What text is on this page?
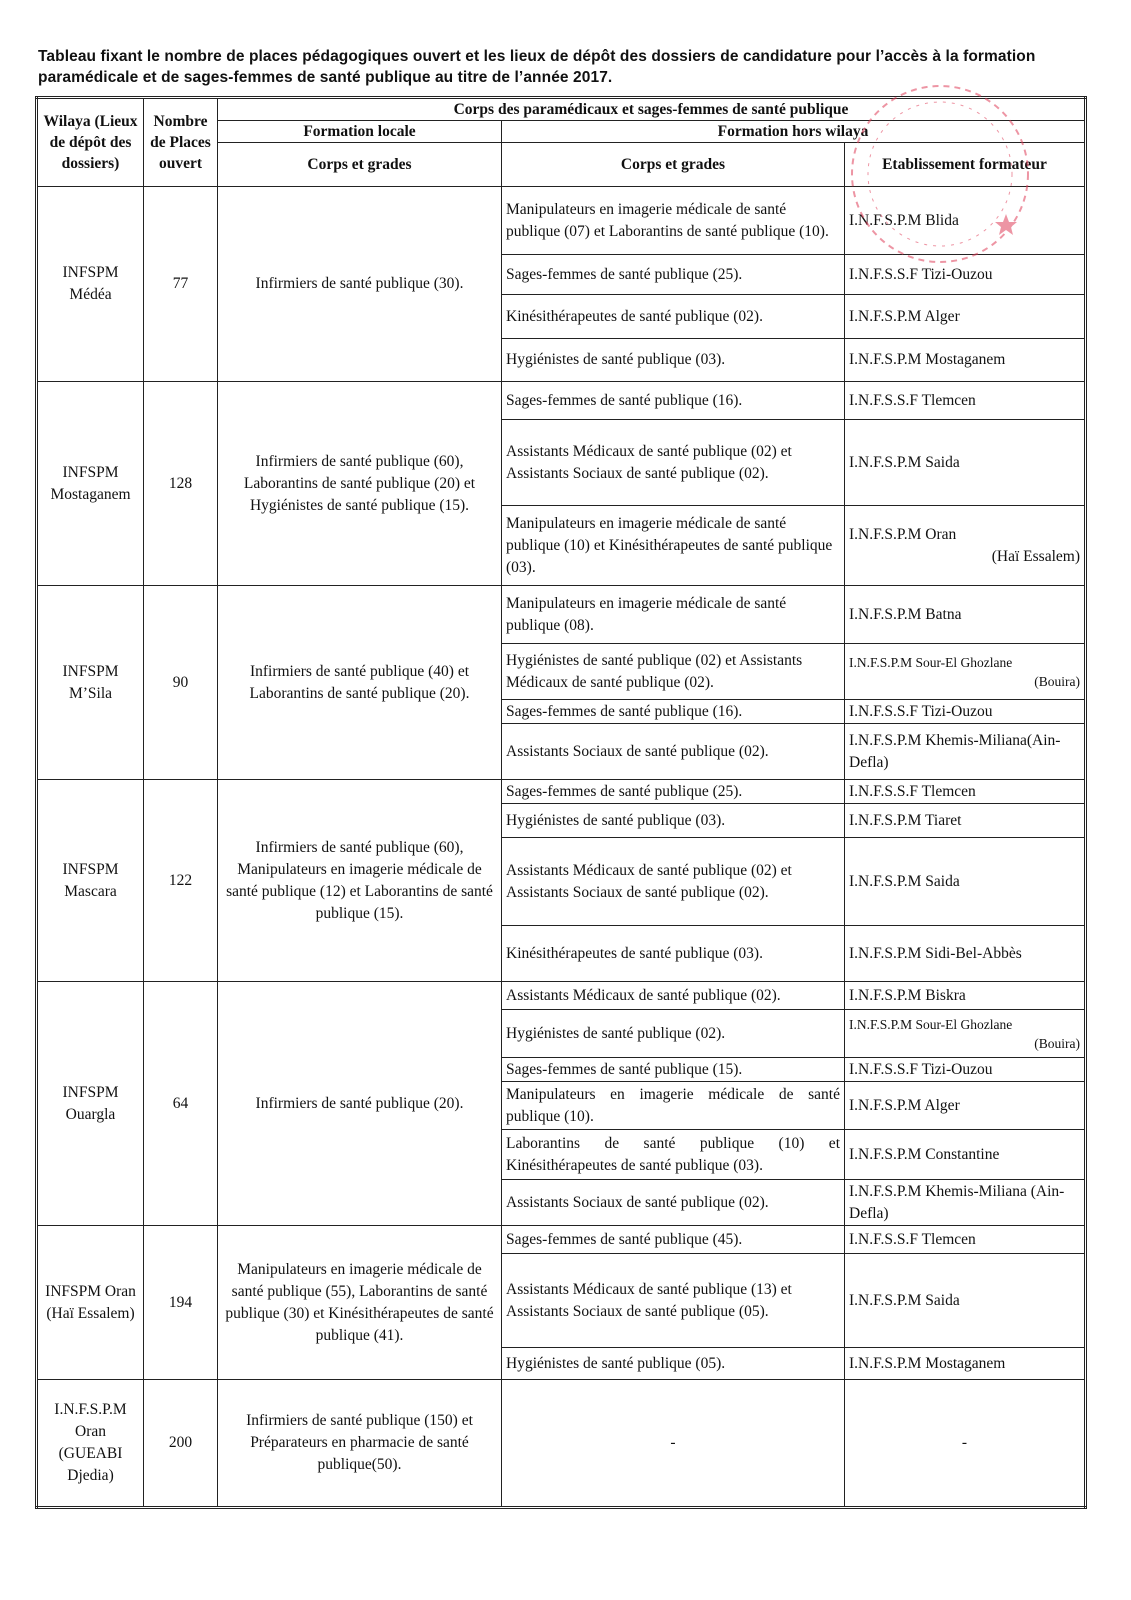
Tableau fixant le nombre de places pédagogiques ouvert et les lieux de dépôt des dossiers de candidature pour l’accès à la formation paramédicale et de sages-femmes de santé publique au titre de l’année 2017.
Wilaya (Lieux de dépôt des dossiers)	Nombre de Places ouvert	Corps des paramédicaux et sages-femmes de santé publique		
		Formation locale	Formation hors wilaya	
		Corps et grades	Corps et grades	Etablissement formateur
INFSPM Médéa	77	Infirmiers de santé publique (30).	Manipulateurs en imagerie médicale de santé publique (07) et Laborantins de santé publique (10).	I.N.F.S.P.M Blida
			Sages-femmes de santé publique (25).	I.N.F.S.S.F Tizi-Ouzou
			Kinésithérapeutes de santé publique (02).	I.N.F.S.P.M Alger
			Hygiénistes de santé publique (03).	I.N.F.S.P.M Mostaganem
INFSPM Mostaganem	128	Infirmiers de santé publique (60), Laborantins de santé publique (20) et Hygiénistes de santé publique (15).	Sages-femmes de santé publique (16).	I.N.F.S.S.F Tlemcen
			Assistants Médicaux de santé publique (02) et Assistants Sociaux de santé publique (02).	I.N.F.S.P.M Saida
			Manipulateurs en imagerie médicale de santé publique (10) et Kinésithérapeutes de santé publique (03).	I.N.F.S.P.M Oran
(Haï Essalem)

INFSPM M’Sila	90	Infirmiers de santé publique (40) et Laborantins de santé publique (20).	Manipulateurs en imagerie médicale de santé publique (08).	I.N.F.S.P.M Batna
			Hygiénistes de santé publique (02) et Assistants Médicaux de santé publique (02).	I.N.F.S.P.M Sour-El Ghozlane
(Bouira)

			Sages-femmes de santé publique (16).	I.N.F.S.S.F Tizi-Ouzou
			Assistants Sociaux de santé publique (02).	I.N.F.S.P.M Khemis-Miliana(Ain-Defla)
INFSPM Mascara	122	Infirmiers de santé publique (60), Manipulateurs en imagerie médicale de santé publique (12) et Laborantins de santé publique (15).	Sages-femmes de santé publique (25).	I.N.F.S.S.F Tlemcen
			Hygiénistes de santé publique (03).	I.N.F.S.P.M Tiaret
			Assistants Médicaux de santé publique (02) et Assistants Sociaux de santé publique (02).	I.N.F.S.P.M Saida
			Kinésithérapeutes de santé publique (03).	I.N.F.S.P.M Sidi-Bel-Abbès
INFSPM Ouargla	64	Infirmiers de santé publique (20).	Assistants Médicaux de santé publique (02).	I.N.F.S.P.M Biskra
			Hygiénistes de santé publique (02).	I.N.F.S.P.M Sour-El Ghozlane
(Bouira)

			Sages-femmes de santé publique (15).	I.N.F.S.S.F Tizi-Ouzou
			Manipulateurs en imagerie médicale de santé publique (10).	I.N.F.S.P.M Alger
			Laborantins de santé publique (10) et Kinésithérapeutes de santé publique (03).	I.N.F.S.P.M Constantine
			Assistants Sociaux de santé publique (02).	I.N.F.S.P.M Khemis-Miliana (Ain-Defla)
INFSPM Oran (Haï Essalem)	194	Manipulateurs en imagerie médicale de santé publique (55), Laborantins de santé publique (30) et Kinésithérapeutes de santé publique (41).	Sages-femmes de santé publique (45).	I.N.F.S.S.F Tlemcen
			Assistants Médicaux de santé publique (13) et Assistants Sociaux de santé publique (05).	I.N.F.S.P.M Saida
			Hygiénistes de santé publique (05).	I.N.F.S.P.M Mostaganem
I.N.F.S.P.M Oran (GUEABI Djedia)	200	Infirmiers de santé publique (150) et Préparateurs en pharmacie de santé publique(50).	-	-
